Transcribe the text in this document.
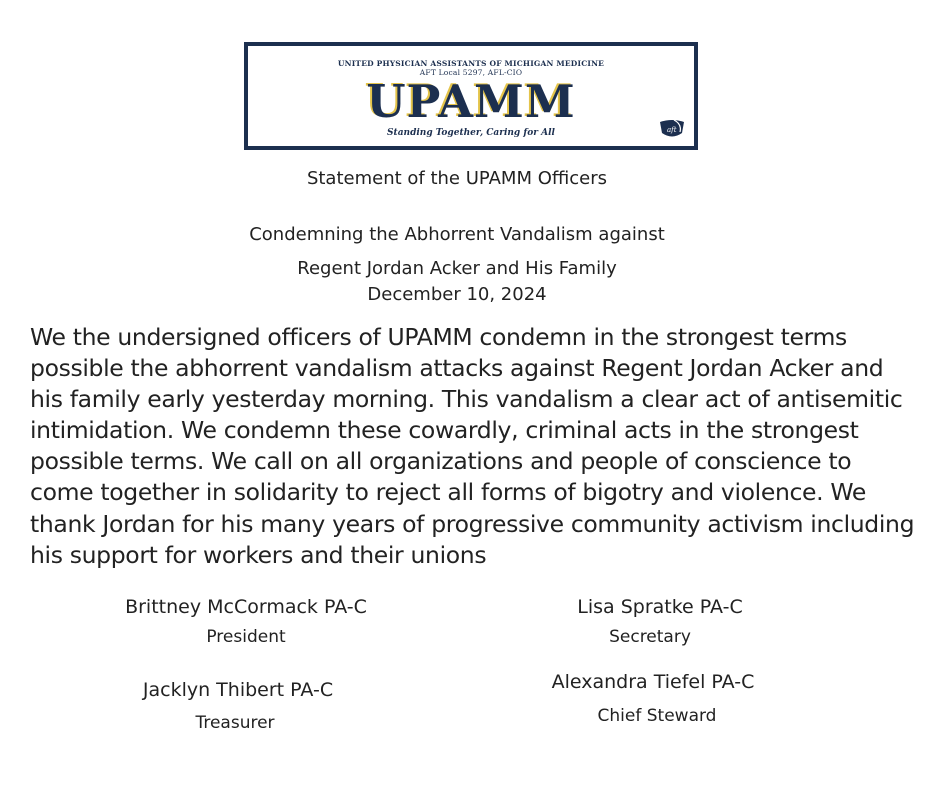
UNITED PHYSICIAN ASSISTANTS OF MICHIGAN MEDICINE

AFT Local 5297, AFL-CIO

UPAMM

Standing Together, Caring for All	aft

Statement of the UPAMM Officers

Condemning the Abhorrent Vandalism against

Regent Jordan Acker and His Family

December 10, 2024

We the undersigned officers of UPAMM condemn in the strongest terms
possible the abhorrent vandalism attacks against Regent Jordan Acker and
his family early yesterday morning. This vandalism a clear act of antisemitic
intimidation. We condemn these cowardly, criminal acts in the strongest
possible terms. We call on all organizations and people of conscience to
come together in solidarity to reject all forms of bigotry and violence. We
thank Jordan for his many years of progressive community activism including
his support for workers and their unions

Brittney McCormack PA-C

President

Lisa Spratke PA-C

Secretary

Jacklyn Thibert PA-C

Treasurer

Alexandra Tiefel PA-C

Chief Steward
